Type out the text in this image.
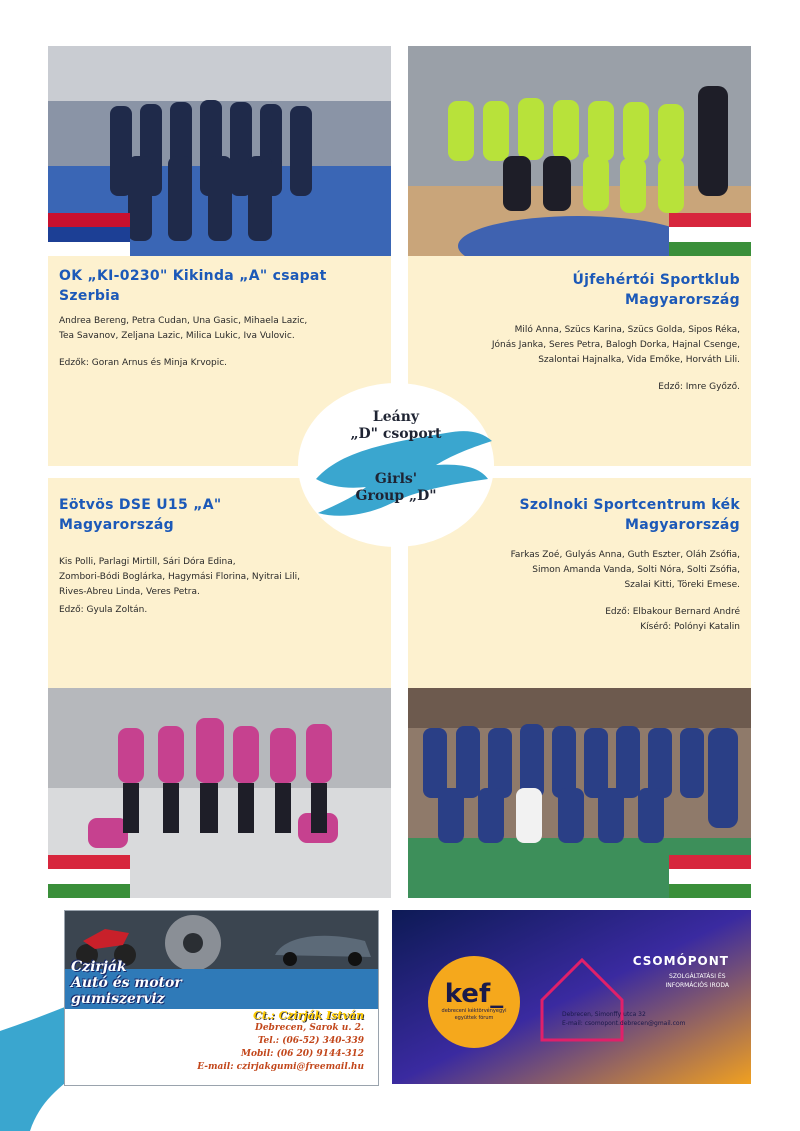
OK „KI-0230" Kikinda „A" csapat
Szerbia

Andrea Bereng, Petra Cudan, Una Gasic, Mihaela Lazic,

Tea Savanov, Zeljana Lazic, Milica Lukic, Iva Vulovic.

Edzők: Goran Arnus és Minja Krvopic.

Újfehértói Sportklub
Magyarország

Miló Anna, Szücs Karina, Szücs Golda, Sipos Réka,

Jónás Janka, Seres Petra, Balogh Dorka, Hajnal Csenge,

Szalontai Hajnalka, Vida Emőke, Horváth Lili.

Edző: Imre Győző.

Eötvös DSE U15 „A"
Magyarország

Kis Polli, Parlagi Mirtill, Sári Dóra Edina,

Zombori-Bódi Boglárka, Hagymási Florina, Nyitrai Lili,

Rives-Abreu Linda, Veres Petra.

Edző: Gyula Zoltán.

Szolnoki Sportcentrum kék
Magyarország

Farkas Zoé, Gulyás Anna, Guth Eszter, Oláh Zsófia,

Simon Amanda Vanda, Solti Nóra, Solti Zsófia,

Szalai Kitti, Töreki Emese.

Edző: Elbakour Bernard André

Kísérő: Polónyi Katalin

Leány
„D" csoport
Girls'
Group „D"
Czirják
Autó és motor
gumiszerviz
Ct.: Czirják István
Debrecen, Sarok u. 2.
Tel.: (06-52) 340-339
Mobil: (06 20) 9144-312
E-mail: czirjakgumi@freemail.hu
kef_
debreceni kéktörvényegyi
együttek fórum
CSOMÓPONT
SZOLGÁLTATÁSI ÉS
INFORMÁCIÓS IRODA
Debrecen, Simonffy utca 32
E-mail: csomopont.debrecen@gmail.com
